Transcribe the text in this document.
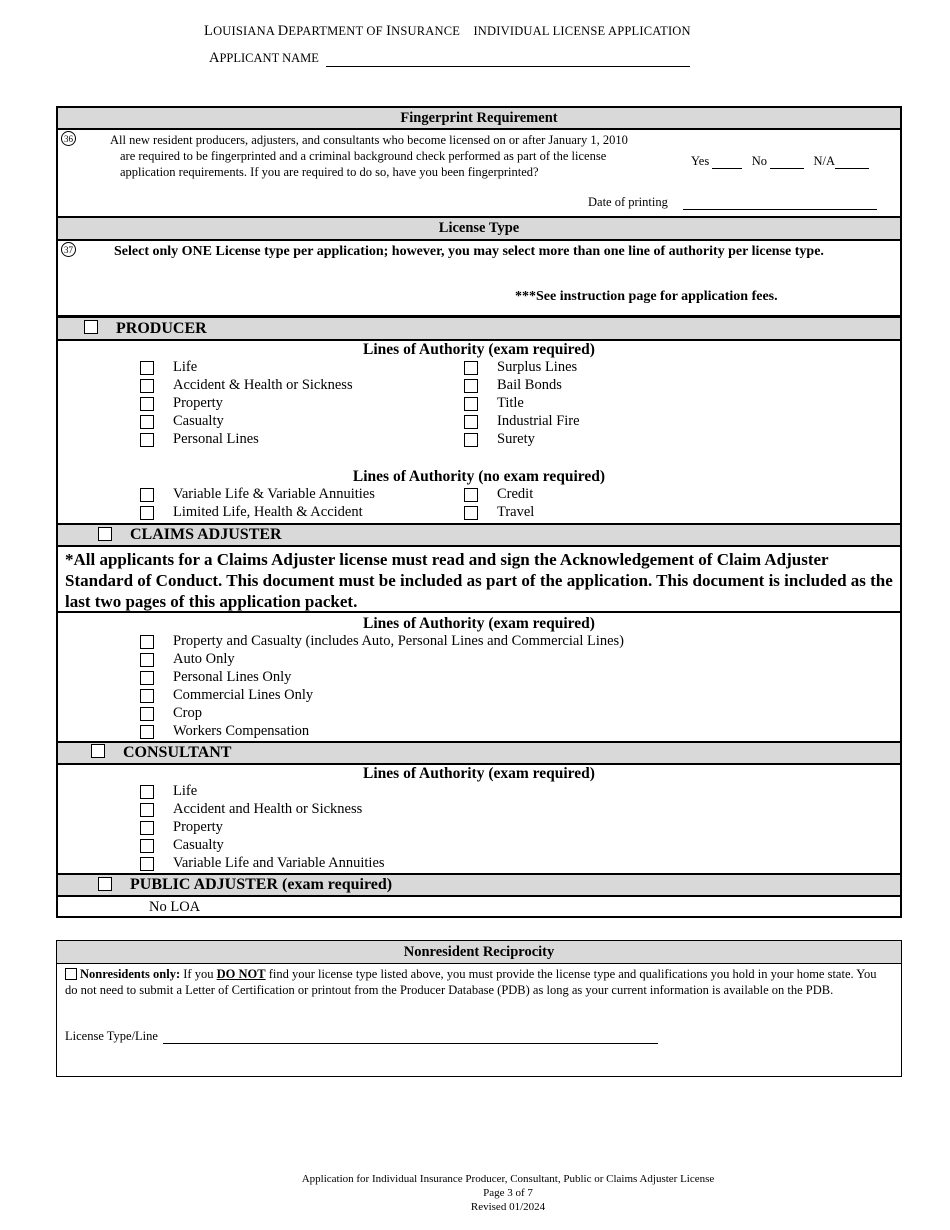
LOUISIANA DEPARTMENT OF INSURANCE INDIVIDUAL LICENSE APPLICATION
APPLICANT NAME
Fingerprint Requirement
36	All new resident producers, adjusters, and consultants who become licensed on or after January 1, 2010
are required to be fingerprinted and a criminal background check performed as part of the license
application requirements. If you are required to do so, have you been fingerprinted?
Yes	No	N/A
Date of printing
License Type
37	Select only ONE License type per application; however, you may select more than one line of authority per license type.
***See instruction page for application fees.
PRODUCER
Lines of Authority (exam required)
Life
Accident & Health or Sickness
Property
Casualty
Personal Lines
Surplus Lines
Bail Bonds
Title
Industrial Fire
Surety
Lines of Authority (no exam required)
Variable Life & Variable Annuities
Limited Life, Health & Accident
Credit
Travel
CLAIMS ADJUSTER
*All applicants for a Claims Adjuster license must read and sign the Acknowledgement of Claim Adjuster Standard of Conduct. This document must be included as part of the application. This document is included as the last two pages of this application packet.
Lines of Authority (exam required)
Property and Casualty (includes Auto, Personal Lines and Commercial Lines)
Auto Only
Personal Lines Only
Commercial Lines Only
Crop
Workers Compensation
CONSULTANT
Lines of Authority (exam required)
Life
Accident and Health or Sickness
Property
Casualty
Variable Life and Variable Annuities
PUBLIC ADJUSTER (exam required)
No LOA
Nonresident Reciprocity
Nonresidents only: If you DO NOT find your license type listed above, you must provide the license type and qualifications you hold in your home state. You do not need to submit a Letter of Certification or printout from the Producer Database (PDB) as long as your current information is available on the PDB.
License Type/Line
Application for Individual Insurance Producer, Consultant, Public or Claims Adjuster License
Page 3 of 7
Revised 01/2024
